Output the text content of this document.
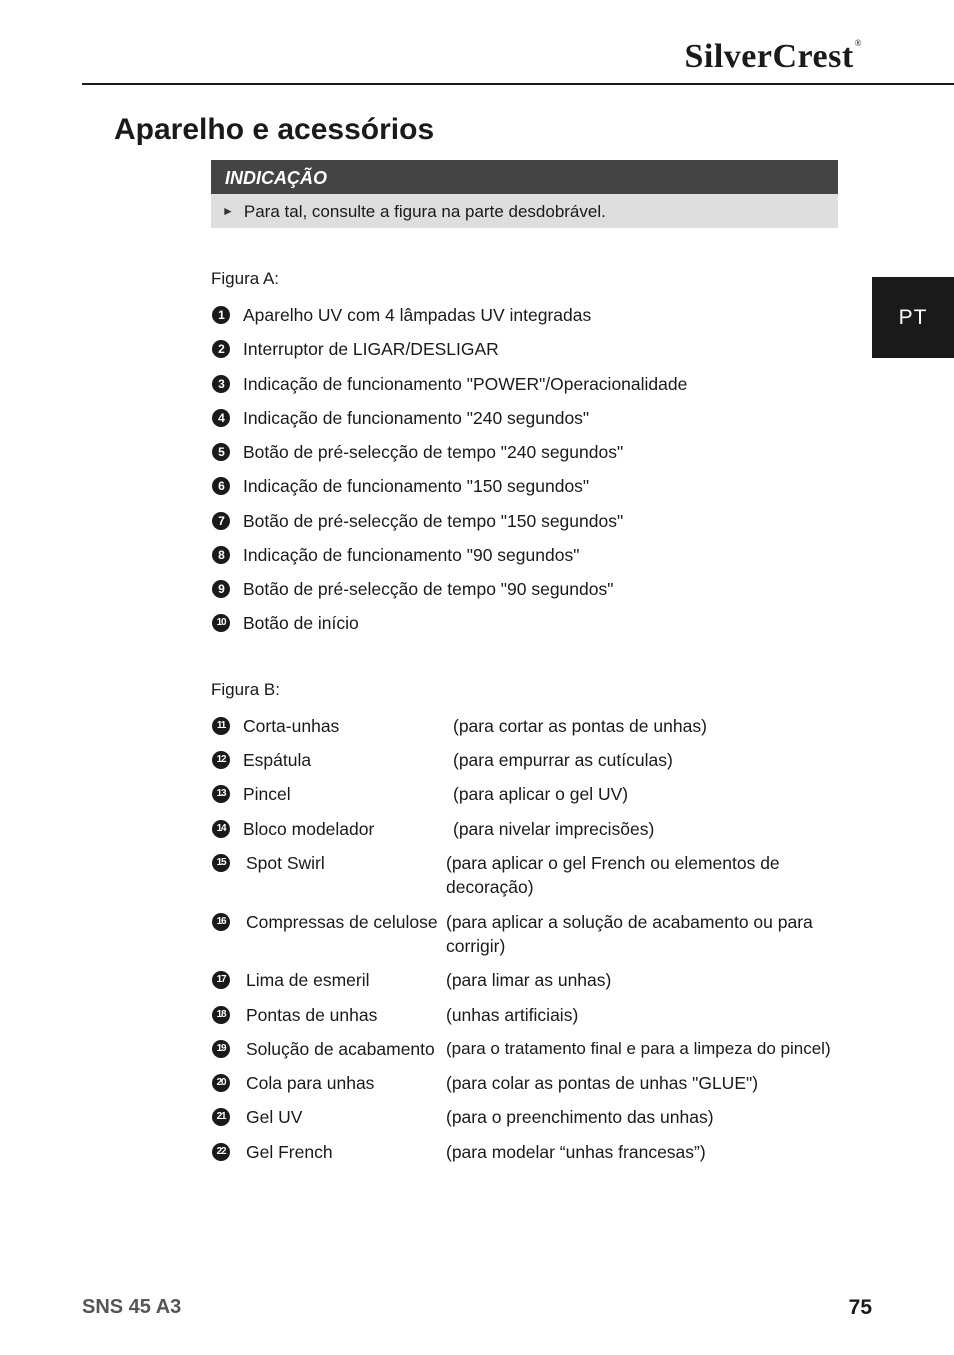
SilverCrest®
PT
Aparelho e acessórios
INDICAÇÃO
► Para tal, consulte a figura na parte desdobrável.
Figura A:
1	Aparelho UV com 4 lâmpadas UV integradas
2	Interruptor de LIGAR/DESLIGAR
3	Indicação de funcionamento "POWER"/Operacionalidade
4	Indicação de funcionamento "240 segundos"
5	Botão de pré-selecção de tempo "240 segundos"
6	Indicação de funcionamento "150 segundos"
7	Botão de pré-selecção de tempo "150 segundos"
8	Indicação de funcionamento "90 segundos"
9	Botão de pré-selecção de tempo "90 segundos"
10 Botão de início
Figura B:
11 Corta-unhas	(para cortar as pontas de unhas)
12 Espátula	(para empurrar as cutículas)
13 Pincel	(para aplicar o gel UV)
14 Bloco modelador	(para nivelar imprecisões)
15 Spot Swirl	(para aplicar o gel French ou elementos de decoração)
16 Compressas de celulose (para aplicar a solução de acabamento ou para corrigir)
17 Lima de esmeril	(para limar as unhas)
18 Pontas de unhas	(unhas artificiais)
19 Solução de acabamento (para o tratamento final e para a limpeza do pincel)
20 Cola para unhas	(para colar as pontas de unhas "GLUE")
21 Gel UV	(para o preenchimento das unhas)
22 Gel French	(para modelar “unhas francesas”)
SNS 45 A3	75
